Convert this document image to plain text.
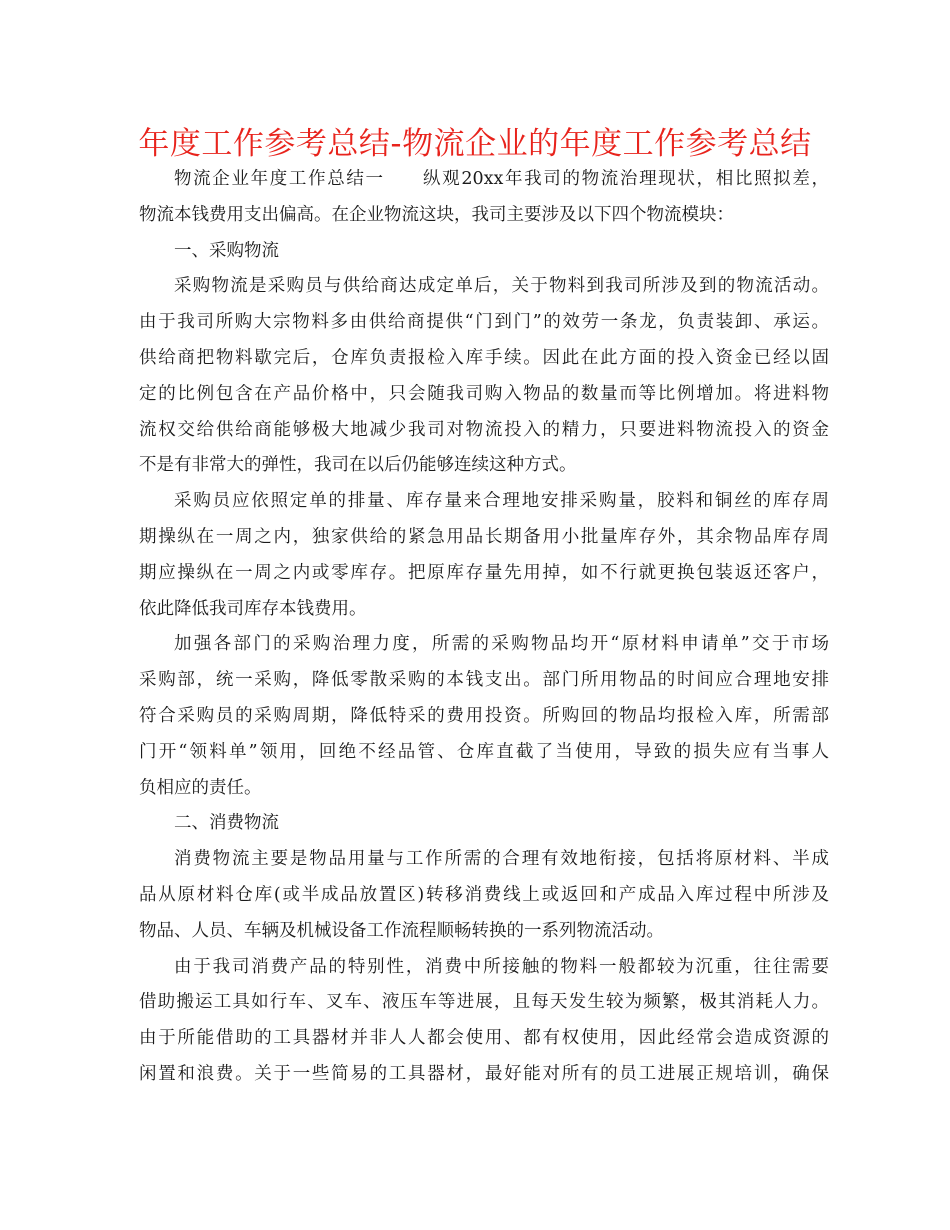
年度工作参考总结-物流企业的年度工作参考总结
物流企业年度工作总结一　　纵观20xx年我司的物流治理现状，相比照拟差，
物流本钱费用支出偏高。在企业物流这块，我司主要涉及以下四个物流模块：
一、采购物流
采购物流是采购员与供给商达成定单后，关于物料到我司所涉及到的物流活动。
由于我司所购大宗物料多由供给商提供“门到门”的效劳一条龙，负责装卸、承运。
供给商把物料歇完后，仓库负责报检入库手续。因此在此方面的投入资金已经以固
定的比例包含在产品价格中，只会随我司购入物品的数量而等比例增加。将进料物
流权交给供给商能够极大地减少我司对物流投入的精力，只要进料物流投入的资金
不是有非常大的弹性，我司在以后仍能够连续这种方式。
采购员应依照定单的排量、库存量来合理地安排采购量，胶料和铜丝的库存周
期操纵在一周之内，独家供给的紧急用品长期备用小批量库存外，其余物品库存周
期应操纵在一周之内或零库存。把原库存量先用掉，如不行就更换包装返还客户，
依此降低我司库存本钱费用。
加强各部门的采购治理力度，所需的采购物品均开“原材料申请单”交于市场
采购部，统一采购，降低零散采购的本钱支出。部门所用物品的时间应合理地安排
符合采购员的采购周期，降低特采的费用投资。所购回的物品均报检入库，所需部
门开“领料单”领用，回绝不经品管、仓库直截了当使用，导致的损失应有当事人
负相应的责任。
二、消费物流
消费物流主要是物品用量与工作所需的合理有效地衔接，包括将原材料、半成
品从原材料仓库(或半成品放置区)转移消费线上或返回和产成品入库过程中所涉及
物品、人员、车辆及机械设备工作流程顺畅转换的一系列物流活动。
由于我司消费产品的特别性，消费中所接触的物料一般都较为沉重，往往需要
借助搬运工具如行车、叉车、液压车等进展，且每天发生较为频繁，极其消耗人力。
由于所能借助的工具器材并非人人都会使用、都有权使用，因此经常会造成资源的
闲置和浪费。关于一些简易的工具器材，最好能对所有的员工进展正规培训，确保
